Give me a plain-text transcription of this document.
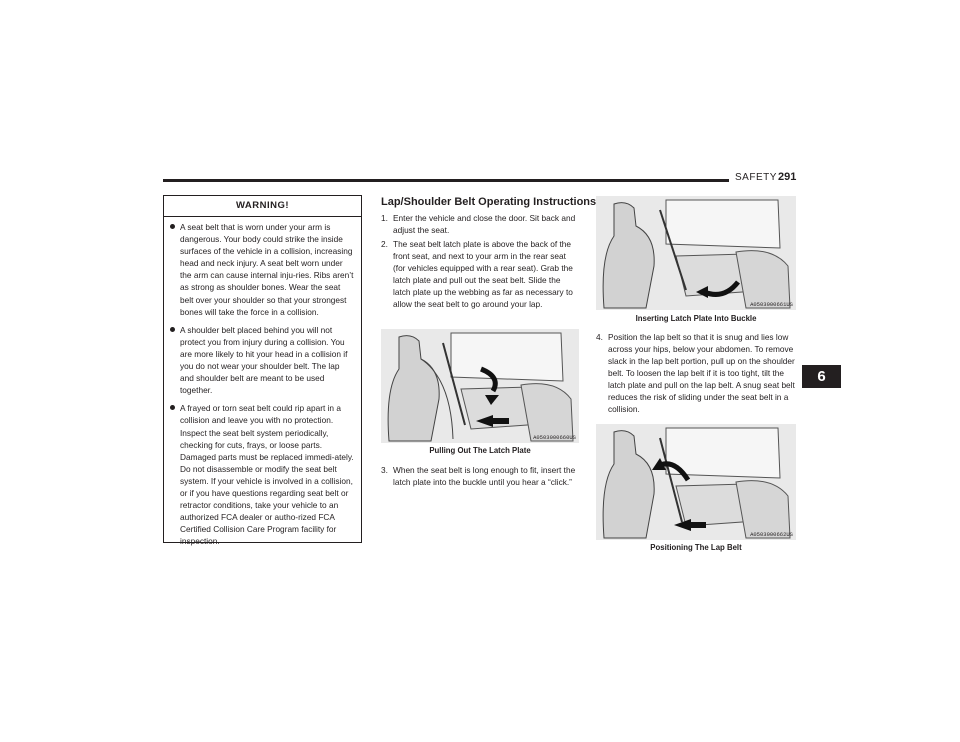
SAFETY 291
6
WARNING!
A seat belt that is worn under your arm is dangerous. Your body could strike the inside surfaces of the vehicle in a collision, increasing head and neck injury. A seat belt worn under the arm can cause internal inju-ries. Ribs aren’t as strong as shoulder bones. Wear the seat belt over your shoulder so that your strongest bones will take the force in a collision.
A shoulder belt placed behind you will not protect you from injury during a collision. You are more likely to hit your head in a collision if you do not wear your shoulder belt. The lap and shoulder belt are meant to be used together.
A frayed or torn seat belt could rip apart in a collision and leave you with no protection. Inspect the seat belt system periodically, checking for cuts, frays, or loose parts. Damaged parts must be replaced immedi-ately. Do not disassemble or modify the seat belt system. If your vehicle is involved in a collision, or if you have questions regarding seat belt or retractor conditions, take your vehicle to an authorized FCA dealer or autho-rized FCA Certified Collision Care Program facility for inspection.
Lap/Shoulder Belt Operating Instructions
1. Enter the vehicle and close the door. Sit back and adjust the seat.
2. The seat belt latch plate is above the back of the front seat, and next to your arm in the rear seat (for vehicles equipped with a rear seat). Grab the latch plate and pull out the seat belt. Slide the latch plate up the webbing as far as necessary to allow the seat belt to go around your lap.
A0503000660US
Pulling Out The Latch Plate
3. When the seat belt is long enough to fit, insert the latch plate into the buckle until you hear a “click.”
A0503000661US
Inserting Latch Plate Into Buckle
4. Position the lap belt so that it is snug and lies low across your hips, below your abdomen. To remove slack in the lap belt portion, pull up on the shoulder belt. To loosen the lap belt if it is too tight, tilt the latch plate and pull on the lap belt. A snug seat belt reduces the risk of sliding under the seat belt in a collision.
A0503000662US
Positioning The Lap Belt
